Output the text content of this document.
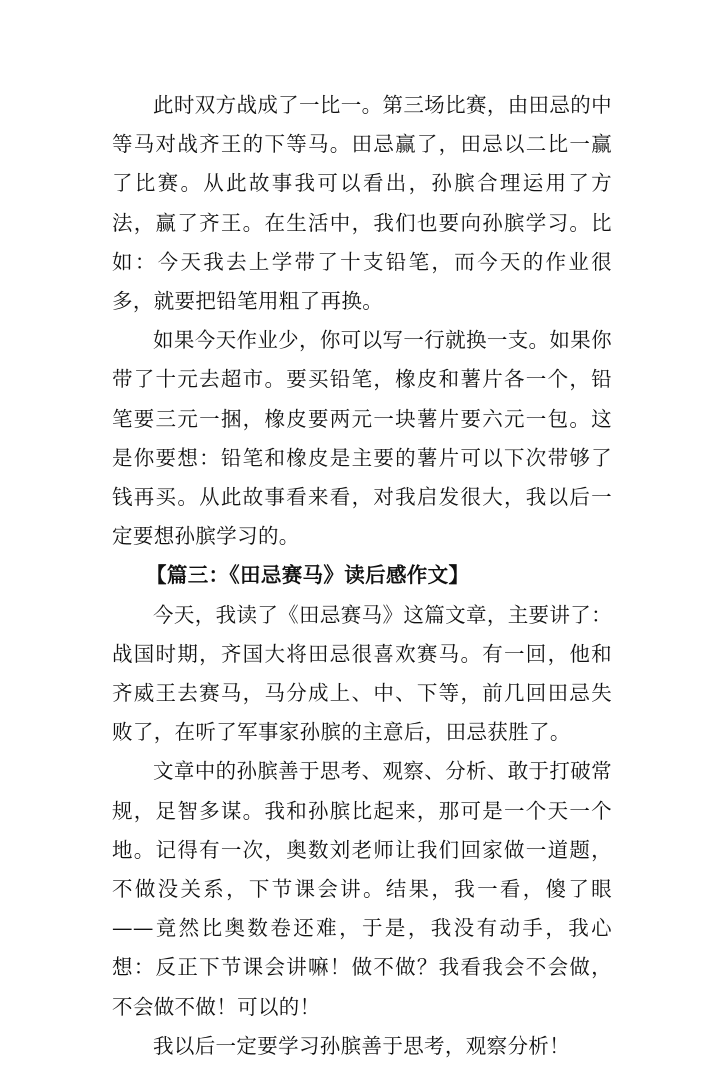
此时双方战成了一比一。第三场比赛，由田忌的中等马对战齐王的下等马。田忌赢了，田忌以二比一赢了比赛。从此故事我可以看出，孙膑合理运用了方法，赢了齐王。在生活中，我们也要向孙膑学习。比如：今天我去上学带了十支铅笔，而今天的作业很多，就要把铅笔用粗了再换。

如果今天作业少，你可以写一行就换一支。如果你带了十元去超市。要买铅笔，橡皮和薯片各一个，铅笔要三元一捆，橡皮要两元一块薯片要六元一包。这是你要想：铅笔和橡皮是主要的薯片可以下次带够了钱再买。从此故事看来看，对我启发很大，我以后一定要想孙膑学习的。

【篇三：《田忌赛马》读后感作文】

今天，我读了《田忌赛马》这篇文章，主要讲了：战国时期，齐国大将田忌很喜欢赛马。有一回，他和齐威王去赛马，马分成上、中、下等，前几回田忌失败了，在听了军事家孙膑的主意后，田忌获胜了。

文章中的孙膑善于思考、观察、分析、敢于打破常规，足智多谋。我和孙膑比起来，那可是一个天一个地。记得有一次，奥数刘老师让我们回家做一道题，不做没关系，下节课会讲。结果，我一看，傻了眼——竟然比奥数卷还难，于是，我没有动手，我心想：反正下节课会讲嘛！做不做？我看我会不会做，不会做不做！可以的！

我以后一定要学习孙膑善于思考，观察分析！
